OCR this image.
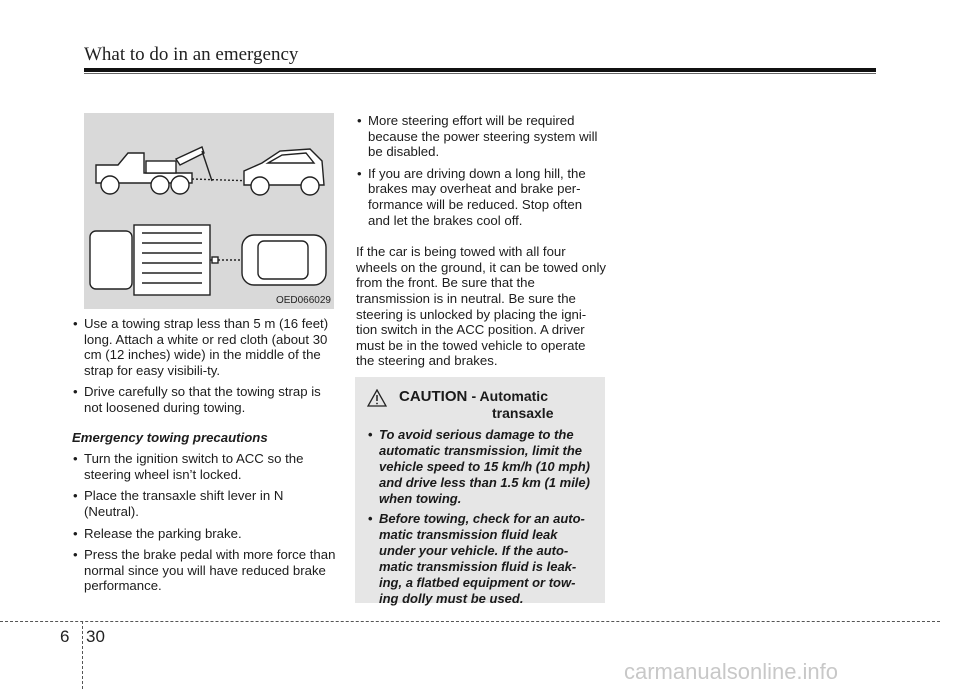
What to do in an emergency
OED066029
• Use a towing strap less than 5 m (16 feet) long. Attach a white or red cloth (about 30 cm (12 inches) wide) in the middle of the strap for easy visibili-ty.
• Drive carefully so that the towing strap is not loosened during towing.
Emergency towing precautions
• Turn the ignition switch to ACC so the steering wheel isn’t locked.
• Place the transaxle shift lever in N (Neutral).
• Release the parking brake.
• Press the brake pedal with more force than normal since you will have reduced brake performance.
• More steering effort will be required because the power steering system will be disabled.
• If you are driving down a long hill, the brakes may overheat and brake per-formance will be reduced. Stop often and let the brakes cool off.
If the car is being towed with all four wheels on the ground, it can be towed only from the front. Be sure that the transmission is in neutral. Be sure the steering is unlocked by placing the igni-tion switch in the ACC position. A driver must be in the towed vehicle to operate the steering and brakes.
CAUTION - Automatic
transaxle
• To avoid serious damage to the automatic transmission, limit the vehicle speed to 15 km/h (10 mph) and drive less than 1.5 km (1 mile) when towing.
• Before towing, check for an auto-matic transmission fluid leak under your vehicle. If the auto-matic transmission fluid is leak-ing, a flatbed equipment or tow-ing dolly must be used.
6 30
carmanualsonline.info
